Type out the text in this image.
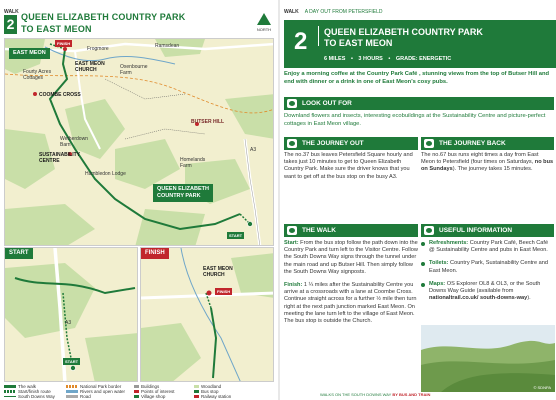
WALK
2 QUEEN ELIZABETH COUNTRY PARK
TO EAST MEON	NORTH
FINISH
EAST MEON
Frogmore	Ramsdean
Fourty Acres Cottages
EAST MEON CHURCH	Oxenbourne Farm
COOMBE CROSS
BUTSER HILL
Wetherdown Barn
SUSTAINABILITY CENTRE	Homelands Farm
Hambledon Lodge
A3
QUEEN ELIZABETH
COUNTRY PARK
START
START
A3
START
FINISH
EAST MEON
CHURCH
FINISH
The walk
Start/finish route
South Downs Way
National Park border
Rivers and open water
Road
Buildings
Points of interest
Village shop
Woodland
Bus stop
Railway station
WALK A DAY OUT FROM PETERSFIELD
2 QUEEN ELIZABETH COUNTRY PARK
TO EAST MEON
6 MILES • 3 HOURS • GRADE: ENERGETIC
Enjoy a morning coffee at the Country Park Café , stunning views from the top of Butser Hill and end with dinner or a drink in one of East Meon's cosy pubs.
LOOK OUT FOR
Downland flowers and insects, interesting ecobuildings at the Sustainability Centre and picture-perfect cottages in East Meon village.
THE JOURNEY OUT
The no.37 bus leaves Petersfield Square hourly and takes just 10 minutes to get to Queen Elizabeth Country Park. Make sure the driver knows that you want to get off at the bus stop on the busy A3.
THE JOURNEY BACK
The no.67 bus runs eight times a day from East Meon to Petersfield (four times on Saturdays, no bus on Sundays). The journey takes 15 minutes.
THE WALK

Start: From the bus stop follow the path down into the Country Park and turn left to the Visitor Centre. Follow the South Downs Way signs through the tunnel under the main road and up Butser Hill. Then simply follow the South Downs Way signposts.

Finish: 1 ¼ miles after the Sustainability Centre you arrive at a crossroads with a lane at Coombe Cross. Continue straight across for a further ½ mile then turn right at the next path junction marked East Meon. On meeting the lane turn left to the village of East Meon. The bus stop is outside the Church.

USEFUL INFORMATION

Refreshments: Country Park Café, Beech Café @ Sustainability Centre and pubs in East Meon.

Toilets: Country Park, Sustainability Centre and East Meon.

Maps: OS Explorer OL8 & OL3, or the South Downs Way Guide (available from nationaltrail.co.uk/ south-downs-way).

© SDNPA
WALKS ON THE SOUTH DOWNS WAY BY BUS AND TRAIN
